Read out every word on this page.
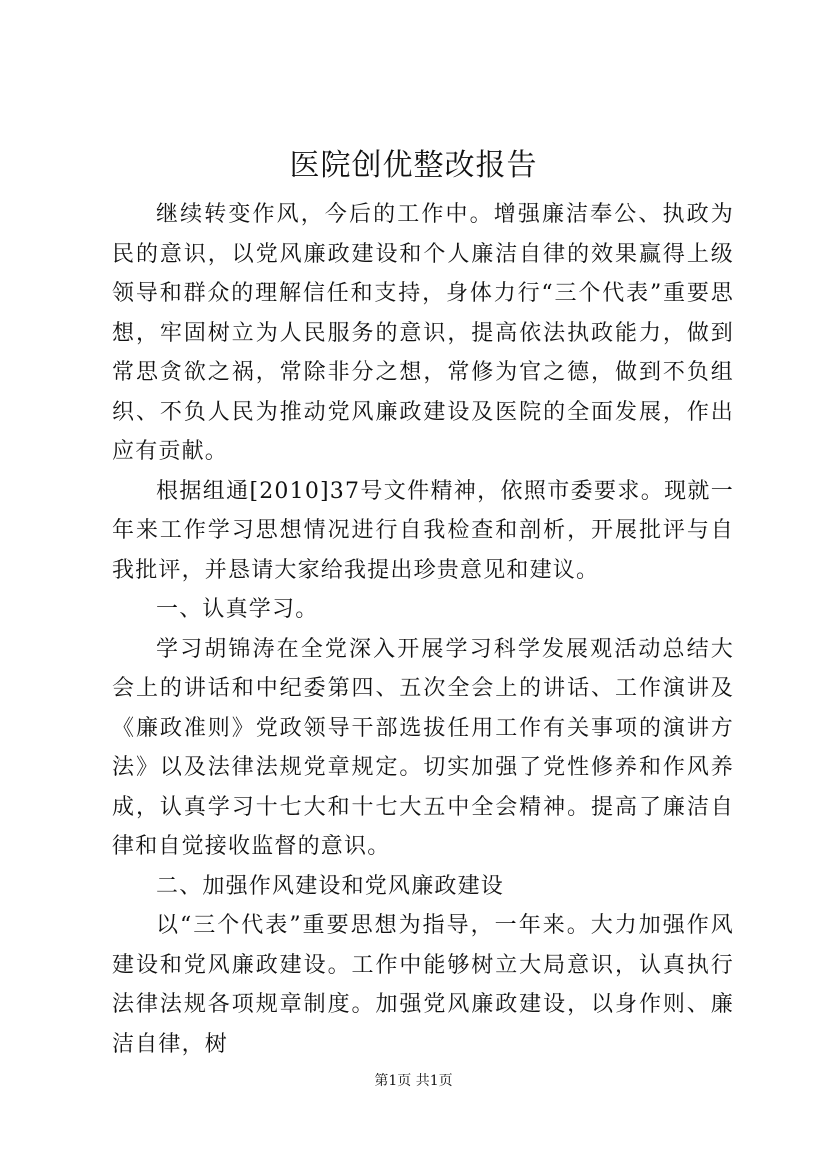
医院创优整改报告

继续转变作风，今后的工作中。增强廉洁奉公、执政为民的意识，以党风廉政建设和个人廉洁自律的效果赢得上级领导和群众的理解信任和支持，身体力行“三个代表”重要思想，牢固树立为人民服务的意识，提高依法执政能力，做到常思贪欲之祸，常除非分之想，常修为官之德，做到不负组织、不负人民为推动党风廉政建设及医院的全面发展，作出应有贡献。

根据组通[2010]37号文件精神，依照市委要求。现就一年来工作学习思想情况进行自我检查和剖析，开展批评与自我批评，并恳请大家给我提出珍贵意见和建议。

一、认真学习。

学习胡锦涛在全党深入开展学习科学发展观活动总结大会上的讲话和中纪委第四、五次全会上的讲话、工作演讲及《廉政准则》党政领导干部选拔任用工作有关事项的演讲方法》以及法律法规党章规定。切实加强了党性修养和作风养成，认真学习十七大和十七大五中全会精神。提高了廉洁自律和自觉接收监督的意识。

二、加强作风建设和党风廉政建设

以“三个代表”重要思想为指导，一年来。大力加强作风建设和党风廉政建设。工作中能够树立大局意识，认真执行法律法规各项规章制度。加强党风廉政建设，以身作则、廉洁自律，树

第1页 共1页
